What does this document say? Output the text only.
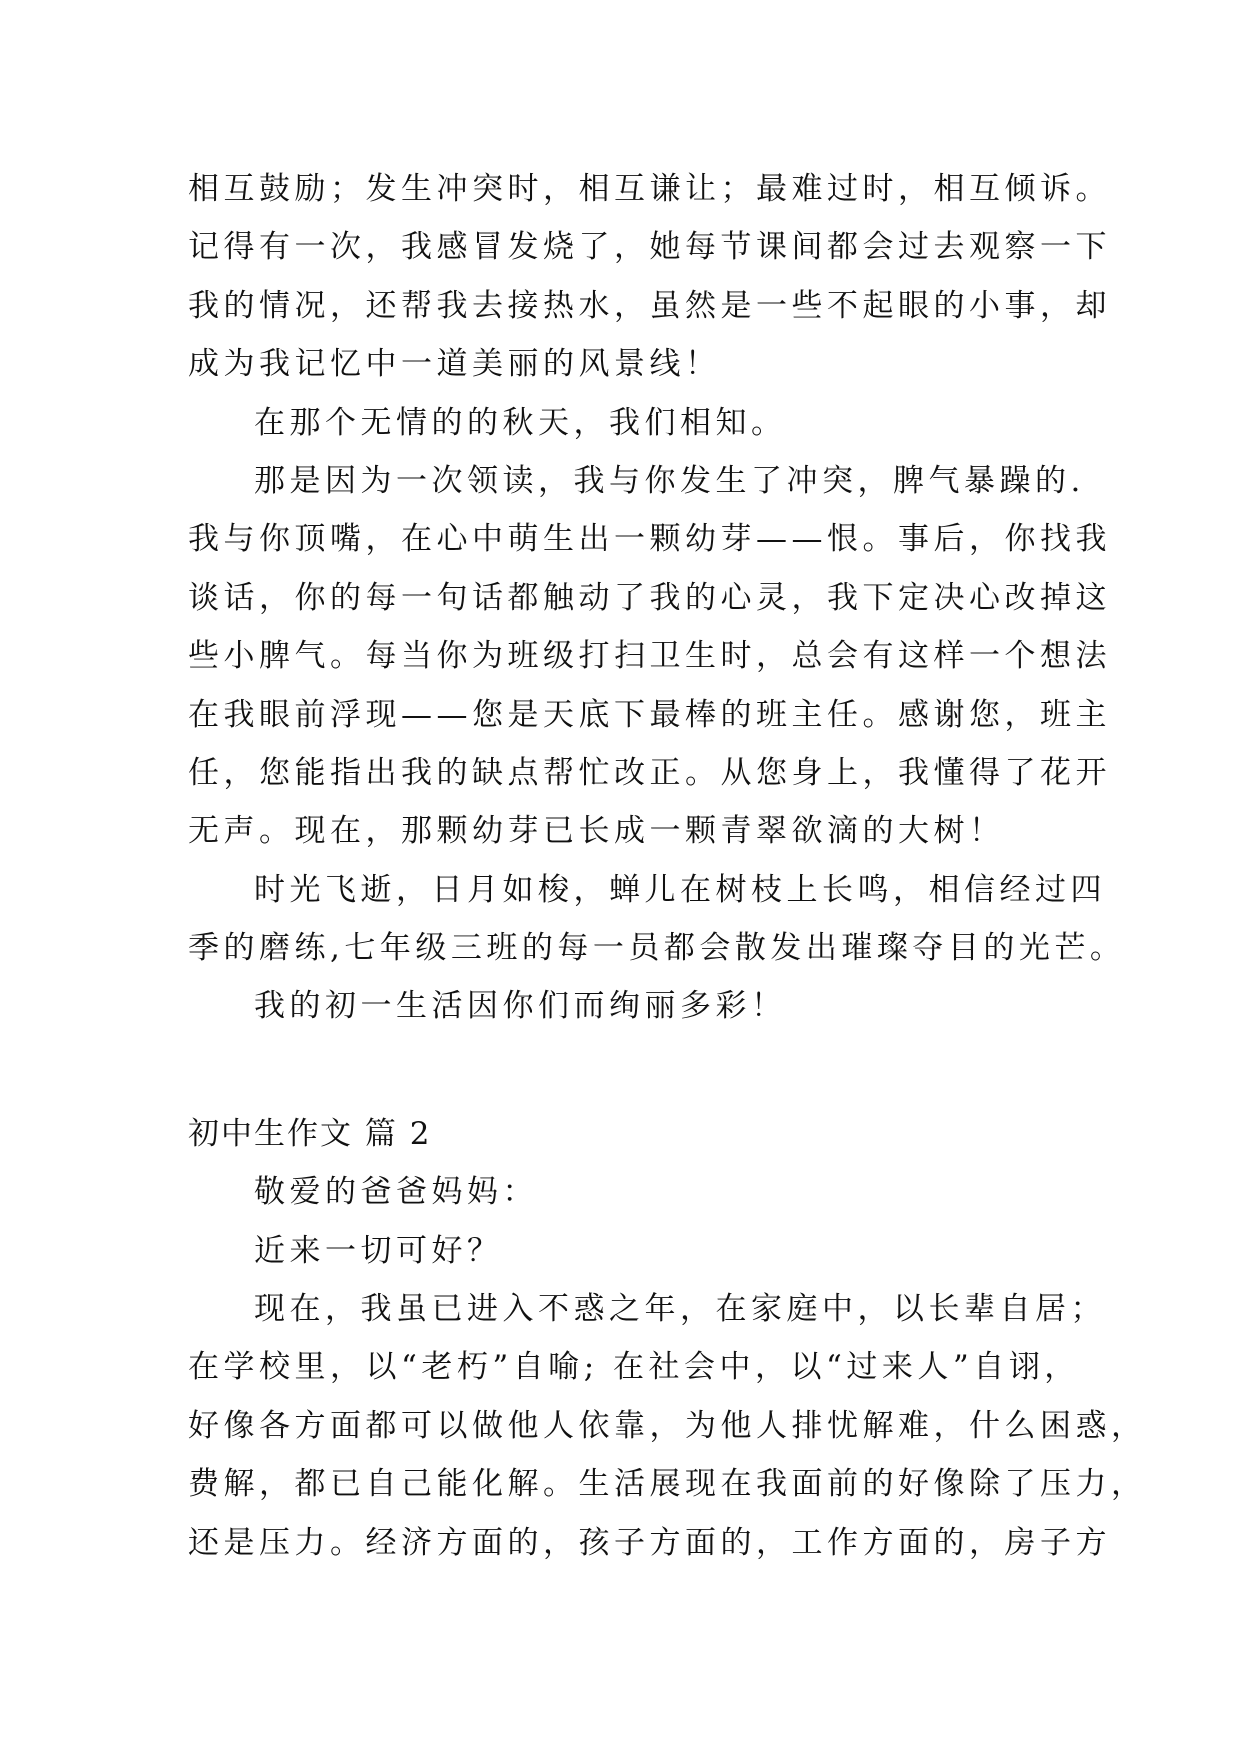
相互鼓励；发生冲突时，相互谦让；最难过时，相互倾诉。
记得有一次，我感冒发烧了，她每节课间都会过去观察一下
我的情况，还帮我去接热水，虽然是一些不起眼的小事，却
成为我记忆中一道美丽的风景线！
在那个无情的的秋天，我们相知。
那是因为一次领读，我与你发生了冲突，脾气暴躁的.
我与你顶嘴，在心中萌生出一颗幼芽——恨。事后，你找我
谈话，你的每一句话都触动了我的心灵，我下定决心改掉这
些小脾气。每当你为班级打扫卫生时，总会有这样一个想法
在我眼前浮现——您是天底下最棒的班主任。感谢您，班主
任，您能指出我的缺点帮忙改正。从您身上，我懂得了花开
无声。现在，那颗幼芽已长成一颗青翠欲滴的大树！
时光飞逝，日月如梭，蝉儿在树枝上长鸣，相信经过四
季的磨练,七年级三班的每一员都会散发出璀璨夺目的光芒。
我的初一生活因你们而绚丽多彩！
初中生作文 篇 2
敬爱的爸爸妈妈：
近来一切可好？
现在，我虽已进入不惑之年，在家庭中，以长辈自居；
在学校里，以“老朽”自喻; 在社会中，以“过来人”自诩，
好像各方面都可以做他人依靠，为他人排忧解难，什么困惑，
费解，都已自己能化解。生活展现在我面前的好像除了压力，
还是压力。经济方面的，孩子方面的，工作方面的，房子方
